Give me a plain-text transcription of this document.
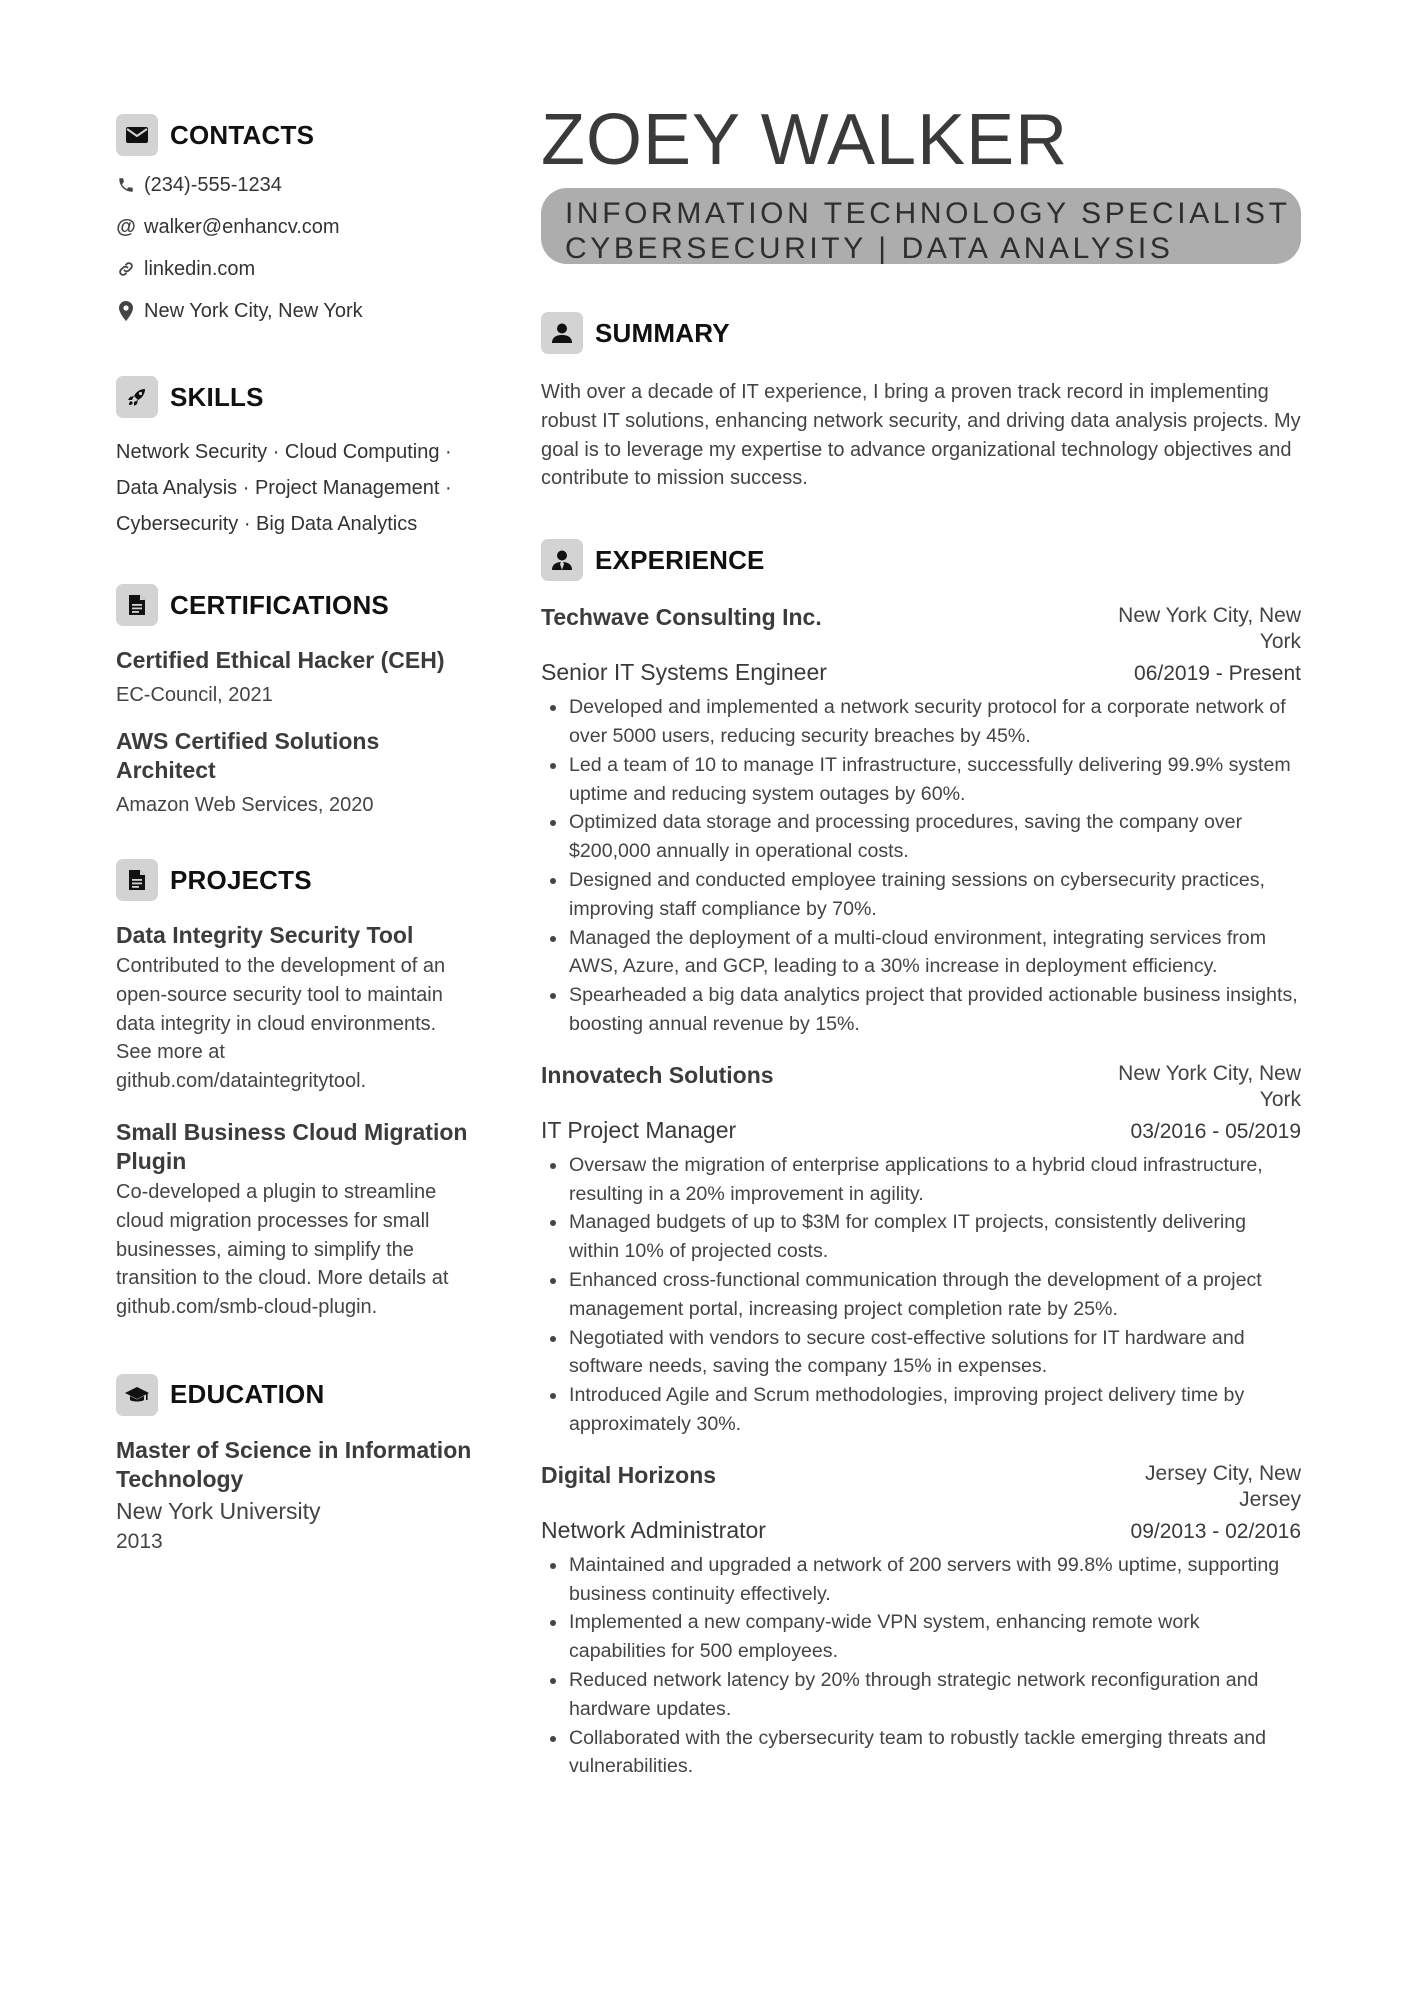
CONTACTS
(234)-555-1234
@ walker@enhancv.com
linkedin.com
New York City, New York
SKILLS
Network Security · Cloud Computing ·
Data Analysis · Project Management ·
Cybersecurity · Big Data Analytics
CERTIFICATIONS
Certified Ethical Hacker (CEH)
EC-Council, 2021
AWS Certified Solutions Architect
Amazon Web Services, 2020
PROJECTS
Data Integrity Security Tool
Contributed to the development of an open-source security tool to maintain data integrity in cloud environments. See more at github.com/dataintegritytool.
Small Business Cloud Migration Plugin
Co-developed a plugin to streamline cloud migration processes for small businesses, aiming to simplify the transition to the cloud. More details at github.com/smb-cloud-plugin.
EDUCATION
Master of Science in Information Technology
New York University
2013
ZOEY WALKER
INFORMATION TECHNOLOGY SPECIALIST
CYBERSECURITY | DATA ANALYSIS
SUMMARY
With over a decade of IT experience, I bring a proven track record in implementing robust IT solutions, enhancing network security, and driving data analysis projects. My goal is to leverage my expertise to advance organizational technology objectives and contribute to mission success.
EXPERIENCE
Techwave Consulting Inc.	New York City, New York
Senior IT Systems Engineer	06/2019 - Present
Developed and implemented a network security protocol for a corporate network of over 5000 users, reducing security breaches by 45%.
Led a team of 10 to manage IT infrastructure, successfully delivering 99.9% system uptime and reducing system outages by 60%.
Optimized data storage and processing procedures, saving the company over $200,000 annually in operational costs.
Designed and conducted employee training sessions on cybersecurity practices, improving staff compliance by 70%.
Managed the deployment of a multi-cloud environment, integrating services from AWS, Azure, and GCP, leading to a 30% increase in deployment efficiency.
Spearheaded a big data analytics project that provided actionable business insights, boosting annual revenue by 15%.
Innovatech Solutions	New York City, New York
IT Project Manager	03/2016 - 05/2019
Oversaw the migration of enterprise applications to a hybrid cloud infrastructure, resulting in a 20% improvement in agility.
Managed budgets of up to $3M for complex IT projects, consistently delivering within 10% of projected costs.
Enhanced cross-functional communication through the development of a project management portal, increasing project completion rate by 25%.
Negotiated with vendors to secure cost-effective solutions for IT hardware and software needs, saving the company 15% in expenses.
Introduced Agile and Scrum methodologies, improving project delivery time by approximately 30%.
Digital Horizons	Jersey City, New Jersey
Network Administrator	09/2013 - 02/2016
Maintained and upgraded a network of 200 servers with 99.8% uptime, supporting business continuity effectively.
Implemented a new company-wide VPN system, enhancing remote work capabilities for 500 employees.
Reduced network latency by 20% through strategic network reconfiguration and hardware updates.
Collaborated with the cybersecurity team to robustly tackle emerging threats and vulnerabilities.
